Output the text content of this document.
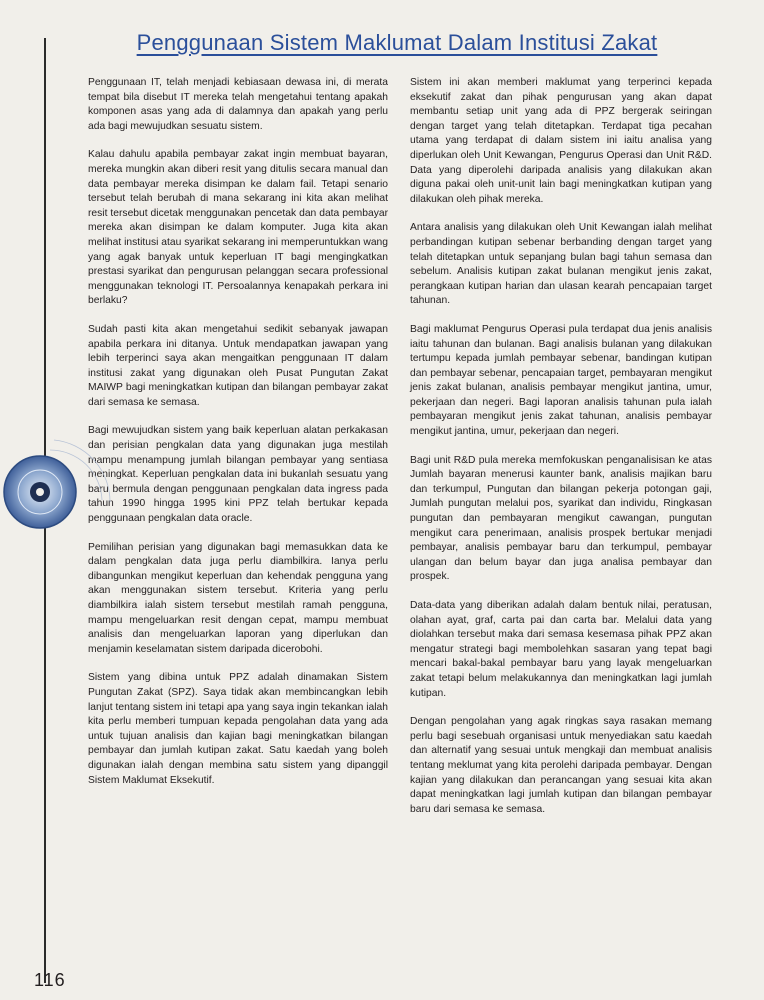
Penggunaan Sistem Maklumat Dalam Institusi Zakat

Penggunaan IT, telah menjadi kebiasaan dewasa ini, di merata tempat bila disebut IT mereka telah mengetahui tentang apakah komponen asas yang ada di dalamnya dan apakah yang perlu ada bagi mewujudkan sesuatu sistem.

Kalau dahulu apabila pembayar zakat ingin membuat bayaran, mereka mungkin akan diberi resit yang ditulis secara manual dan data pembayar mereka disimpan ke dalam fail. Tetapi senario tersebut telah berubah di mana sekarang ini kita akan melihat resit tersebut dicetak menggunakan pencetak dan data pembayar mereka akan disimpan ke dalam komputer. Juga kita akan melihat institusi atau syarikat sekarang ini memperuntukkan wang yang agak banyak untuk keperluan IT bagi mengingkatkan prestasi syarikat dan pengurusan pelanggan secara professional menggunakan teknologi IT. Persoalannya kenapakah perkara ini berlaku?

Sudah pasti kita akan mengetahui sedikit sebanyak jawapan apabila perkara ini ditanya. Untuk mendapatkan jawapan yang lebih terperinci saya akan mengaitkan penggunaan IT dalam institusi zakat yang digunakan oleh Pusat Pungutan Zakat MAIWP bagi meningkatkan kutipan dan bilangan pembayar zakat dari semasa ke semasa.

Bagi mewujudkan sistem yang baik keperluan alatan perkakasan dan perisian pengkalan data yang digunakan juga mestilah mampu menampung jumlah bilangan pembayar yang sentiasa meningkat. Keperluan pengkalan data ini bukanlah sesuatu yang baru bermula dengan penggunaan pengkalan data ingress pada tahun 1990 hingga 1995 kini PPZ telah bertukar kepada penggunaan pengkalan data oracle.

Pemilihan perisian yang digunakan bagi memasukkan data ke dalam pengkalan data juga perlu diambilkira. Ianya perlu dibangunkan mengikut keperluan dan kehendak pengguna yang akan menggunakan sistem tersebut. Kriteria yang perlu diambilkira ialah sistem tersebut mestilah ramah pengguna, mampu mengeluarkan resit dengan cepat, mampu membuat analisis dan mengeluarkan laporan yang diperlukan dan menjamin keselamatan sistem daripada dicerobohi.

Sistem yang dibina untuk PPZ adalah dinamakan Sistem Pungutan Zakat (SPZ). Saya tidak akan membincangkan lebih lanjut tentang sistem ini tetapi apa yang saya ingin tekankan ialah kita perlu memberi tumpuan kepada pengolahan data yang ada untuk tujuan analisis dan kajian bagi meningkatkan bilangan pembayar dan jumlah kutipan zakat. Satu kaedah yang boleh digunakan ialah dengan membina satu sistem yang dipanggil Sistem Maklumat Eksekutif.

Sistem ini akan memberi maklumat yang terperinci kepada eksekutif zakat dan pihak pengurusan yang akan dapat membantu setiap unit yang ada di PPZ bergerak seiringan dengan target yang telah ditetapkan. Terdapat tiga pecahan utama yang terdapat di dalam sistem ini iaitu analisa yang diperlukan oleh Unit Kewangan, Pengurus Operasi dan Unit R&D. Data yang diperolehi daripada analisis yang dilakukan akan diguna pakai oleh unit-unit lain bagi meningkatkan kutipan yang dilakukan oleh pihak mereka.

Antara analisis yang dilakukan oleh Unit Kewangan ialah melihat perbandingan kutipan sebenar berbanding dengan target yang telah ditetapkan untuk sepanjang bulan bagi tahun semasa dan sebelum. Analisis kutipan zakat bulanan mengikut jenis zakat, perangkaan kutipan harian dan ulasan kearah pencapaian target tahunan.

Bagi maklumat Pengurus Operasi pula terdapat dua jenis analisis iaitu tahunan dan bulanan. Bagi analisis bulanan yang dilakukan tertumpu kepada jumlah pembayar sebenar, bandingan kutipan dan pembayar sebenar, pencapaian target, pembayaran mengikut jenis zakat bulanan, analisis pembayar mengikut jantina, umur, pekerjaan dan negeri. Bagi laporan analisis tahunan pula ialah pembayaran mengikut jenis zakat tahunan, analisis pembayar mengikut jantina, umur, pekerjaan dan negeri.

Bagi unit R&D pula mereka memfokuskan penganalisisan ke atas Jumlah bayaran menerusi kaunter bank, analisis majikan baru dan terkumpul, Pungutan dan bilangan pekerja potongan gaji, Jumlah pungutan melalui pos, syarikat dan individu, Ringkasan pungutan dan pembayaran mengikut cawangan, pungutan mengikut cara penerimaan, analisis prospek bertukar menjadi pembayar, analisis pembayar baru dan terkumpul, pembayar ulangan dan belum bayar dan juga analisa pembayar dan prospek.

Data-data yang diberikan adalah dalam bentuk nilai, peratusan, olahan ayat, graf, carta pai dan carta bar. Melalui data yang diolahkan tersebut maka dari semasa kesemasa pihak PPZ akan mengatur strategi bagi membolehkan sasaran yang tepat bagi mencari bakal-bakal pembayar baru yang layak mengeluarkan zakat tetapi belum melakukannya dan meningkatkan lagi jumlah kutipan.

Dengan pengolahan yang agak ringkas saya rasakan memang perlu bagi sesebuah organisasi untuk menyediakan satu kaedah dan alternatif yang sesuai untuk mengkaji dan membuat analisis tentang meklumat yang kita perolehi daripada pembayar. Dengan kajian yang dilakukan dan perancangan yang sesuai kita akan dapat meningkatkan lagi jumlah kutipan dan bilangan pembayar baru dari semasa ke semasa.

116
